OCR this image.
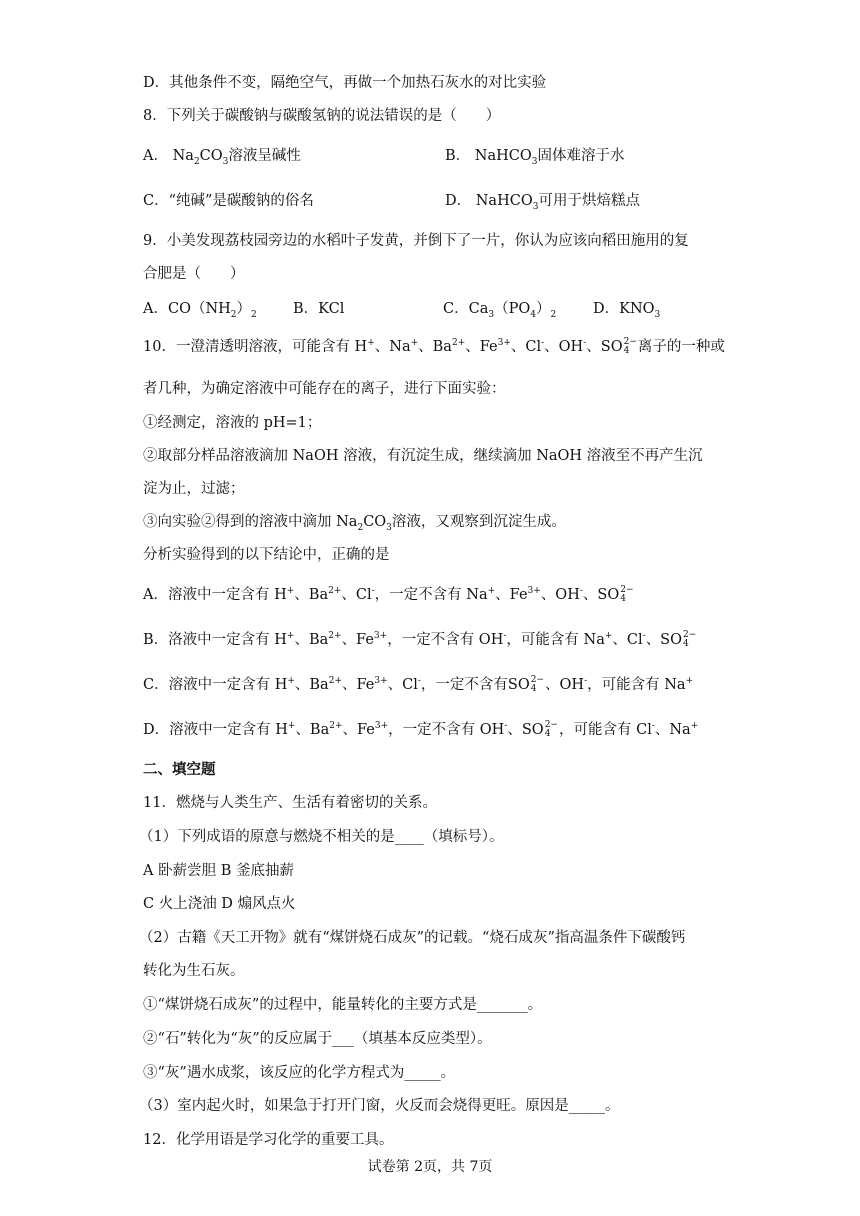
D．其他条件不变，隔绝空气，再做一个加热石灰水的对比实验
8．下列关于碳酸钠与碳酸氢钠的说法错误的是（　　）
A． $Na_2CO_3$溶液呈碱性	B． NaHCO$_3$固体难溶于水
C．“纯碱”是碳酸钠的俗名	D． NaHCO$_3$可用于烘焙糕点
9．小美发现荔枝园旁边的水稻叶子发黄，并倒下了一片，你认为应该向稻田施用的复
合肥是（　　）
A．$CO(NH_2)_2$ B．KCl	C．$Ca_3(PO_4)_2$	D．$KNO_3$
10．一澄清透明溶液，可能含有 H+、Na+、$Ba^{2+}$、$Fe^{3+}$、Cl-、OH-、SO 2−
4 离子的一种或
者几种，为确定溶液中可能存在的离子，进行下面实验：
①经测定，溶液的 pH=1；
②取部分样品溶液滴加 NaOH 溶液，有沉淀生成，继续滴加 NaOH 溶液至不再产生沉
淀为止，过滤；
③向实验②得到的溶液中滴加 $Na_2CO_3$溶液，又观察到沉淀生成。
分析实验得到的以下结论中，正确的是
A．溶液中一定含有 H+、$Ba^{2+}$、Cl-，一定不含有 Na+、$Fe^{3+}$、OH-、SO 2−
4
B．洛液中一定含有 H+、$Ba^{2+}$、$Fe^{3+}$，一定不含有 OH-，可能含有 Na+、Cl-、SO 2−
4
C．溶液中一定含有 H+、$Ba^{2+}$、$Fe^{3+}$、Cl-，一定不含有SO 2−
4 、OH-，可能含有 Na+
D．溶液中一定含有 H+、$Ba^{2+}$、$Fe^{3+}$，一定不含有 OH-、SO 2−
4 ，可能含有 Cl-、Na+
二、填空题
11．燃烧与人类生产、生活有着密切的关系。
（1）下列成语的原意与燃烧不相关的是____（填标号）。
A 卧薪尝胆 B 釜底抽薪
C 火上浇油 D 煽风点火
（2）古籍《天工开物》就有“煤饼烧石成灰”的记载。“烧石成灰”指高温条件下碳酸钙
转化为生石灰。
①“煤饼烧石成灰”的过程中，能量转化的主要方式是_______。
②“石”转化为“灰”的反应属于___（填基本反应类型）。
③“灰”遇水成浆，该反应的化学方程式为_____。
（3）室内起火时，如果急于打开门窗，火反而会烧得更旺。原因是_____。
12．化学用语是学习化学的重要工具。
试卷第 2页，共 7页
